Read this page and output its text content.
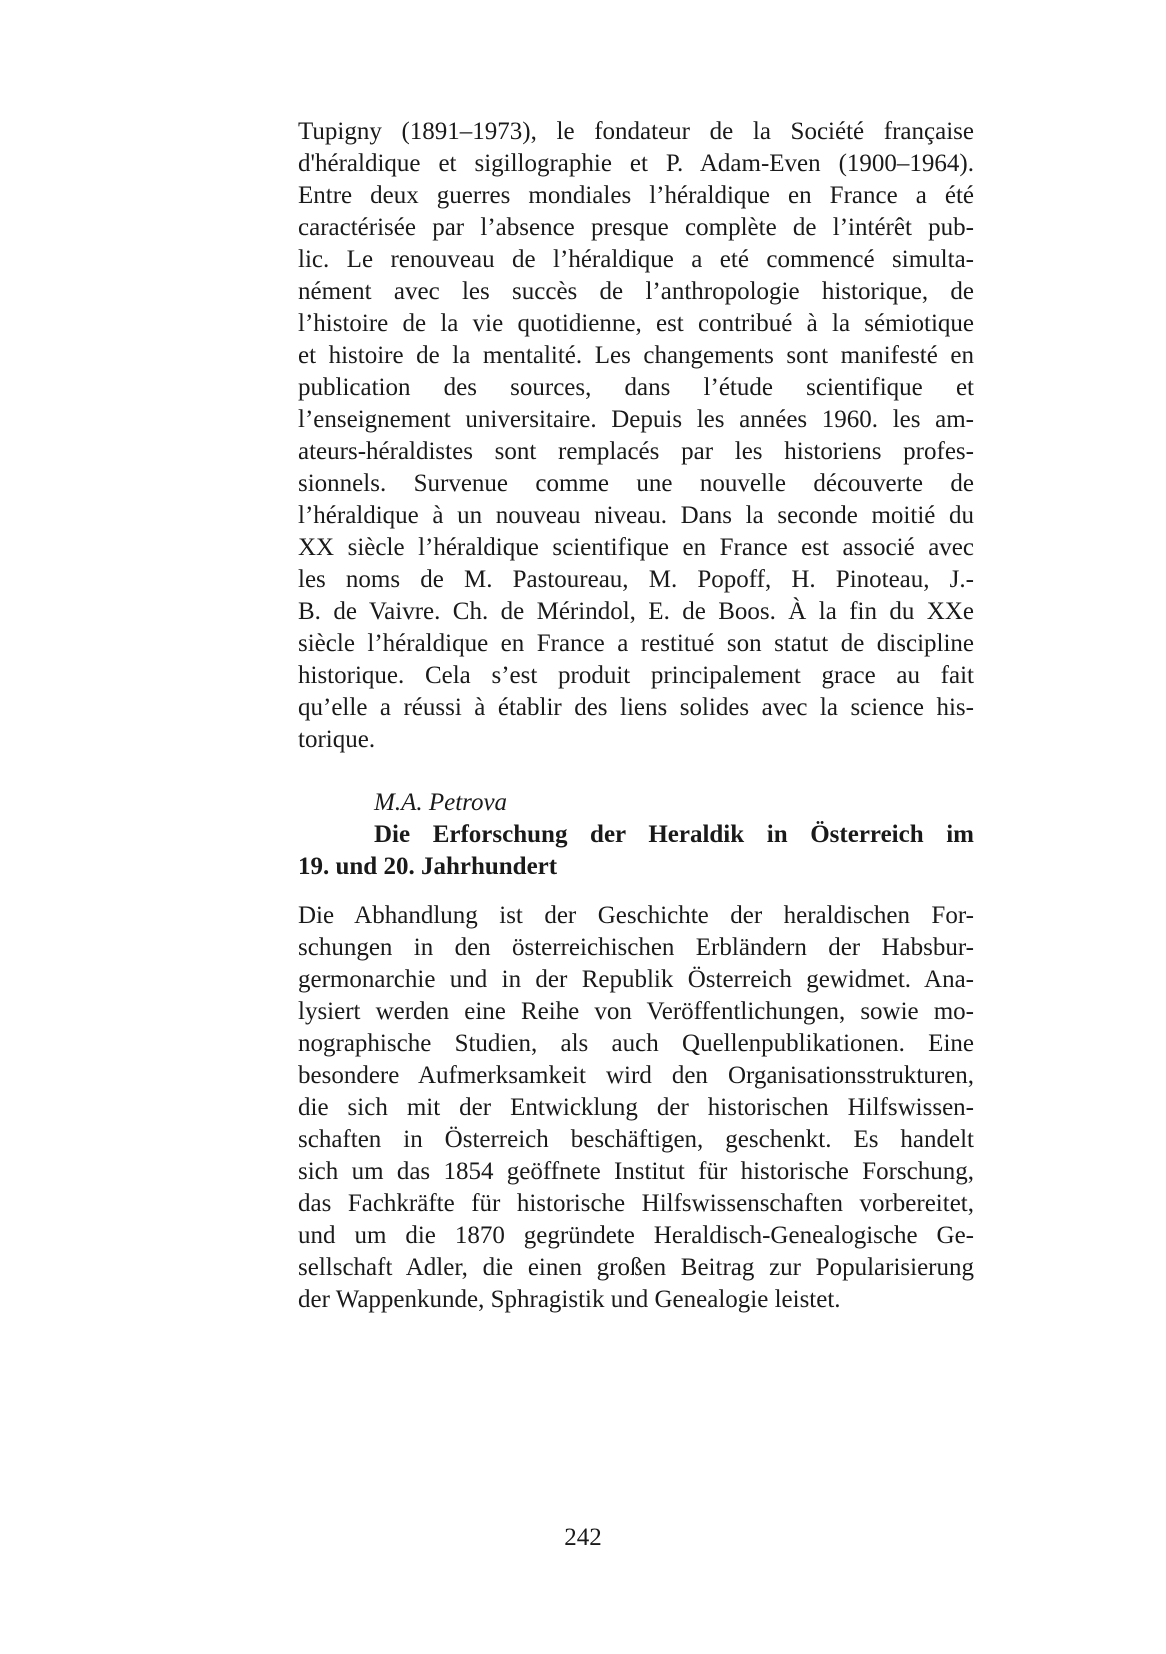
Tupigny (1891–1973), le fondateur de la Société française
d'héraldique et sigillographie et P. Adam-Even (1900–1964).
Entre deux guerres mondiales l’héraldique en France a été
caractérisée par l’absence presque complète de l’intérêt pub-
lic. Le renouveau de l’héraldique a eté commencé simulta-
nément avec les succès de l’anthropologie historique, de
l’histoire de la vie quotidienne, est contribué à la sémiotique
et histoire de la mentalité. Les changements sont manifesté en
publication des sources, dans l’étude scientifique et
l’enseignement universitaire. Depuis les années 1960. les am-
ateurs-héraldistes sont remplacés par les historiens profes-
sionnels. Survenue comme une nouvelle découverte de
l’héraldique à un nouveau niveau. Dans la seconde moitié du
XX siècle l’héraldique scientifique en France est associé avec
les noms de M. Pastoureau, M. Popoff, H. Pinoteau, J.-
B. de Vaivre. Ch. de Mérindol, E. de Boos. À la fin du XXe
siècle l’héraldique en France a restitué son statut de discipline
historique. Cela s’est produit principalement grace au fait
qu’elle a réussi à établir des liens solides avec la science his-
torique.
M.A. Petrova
Die Erforschung der Heraldik in Österreich im
19. und 20. Jahrhundert
Die Abhandlung ist der Geschichte der heraldischen For-
schungen in den österreichischen Erbländern der Habsbur-
germonarchie und in der Republik Österreich gewidmet. Ana-
lysiert werden eine Reihe von Veröffentlichungen, sowie mo-
nographische Studien, als auch Quellenpublikationen. Eine
besondere Aufmerksamkeit wird den Organisationsstrukturen,
die sich mit der Entwicklung der historischen Hilfswissen-
schaften in Österreich beschäftigen, geschenkt. Es handelt
sich um das 1854 geöffnete Institut für historische Forschung,
das Fachkräfte für historische Hilfswissenschaften vorbereitet,
und um die 1870 gegründete Heraldisch-Genealogische Ge-
sellschaft Adler, die einen großen Beitrag zur Popularisierung
der Wappenkunde, Sphragistik und Genealogie leistet.
242
